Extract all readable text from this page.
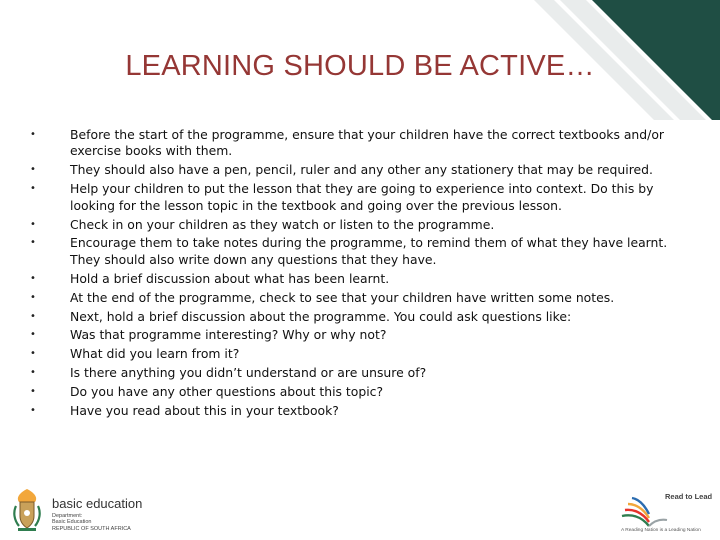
LEARNING SHOULD BE ACTIVE…
•	Before the start of the programme, ensure that your children have the correct textbooks and/or exercise books with them.
•	They should also have a pen, pencil, ruler and any other any stationery that may be required.
•	Help your children to put the lesson that they are going to experience into context. Do this by looking for the lesson topic in the textbook and going over the previous lesson.
•	Check in on your children as they watch or listen to the programme.
•	Encourage them to take notes during the programme, to remind them of what they have learnt. They should also write down any questions that they have.
•	Hold a brief discussion about what has been learnt.
•	At the end of the programme, check to see that your children have written some notes.
•	Next, hold a brief discussion about the programme. You could ask questions like:
•	Was that programme interesting? Why or why not?
•	What did you learn from it?
•	Is there anything you didn’t understand or are unsure of?
•	Do you have any other questions about this topic?
•	Have you read about this in your textbook?
basic education
Department:
Basic Education
REPUBLIC OF SOUTH AFRICA
Read to Lead
A Reading Nation is a Leading Nation
